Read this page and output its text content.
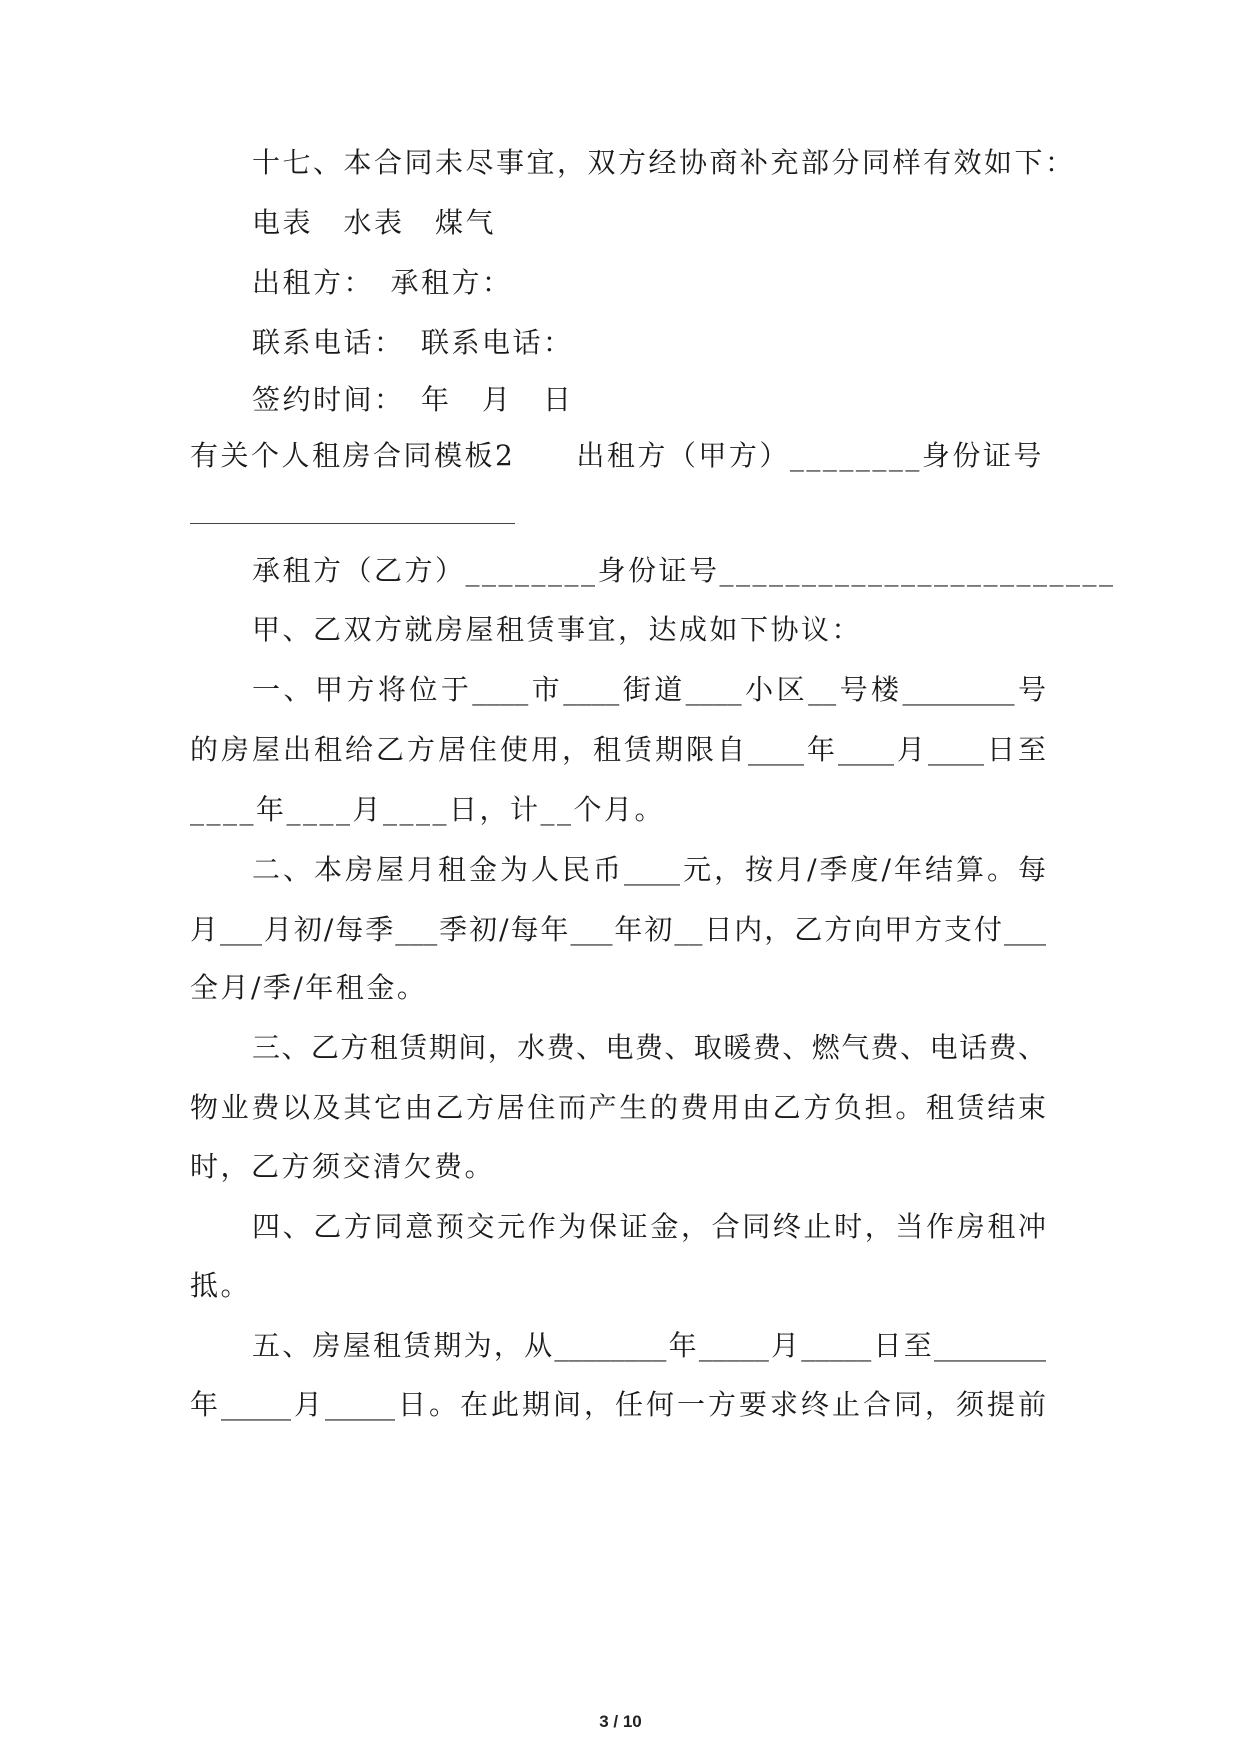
十七、本合同未尽事宜，双方经协商补充部分同样有效如下：
电表　水表　煤气
出租方：　承租方：
联系电话：　联系电话：
签约时间：　年　月　日
有关个人租房合同模板2　　出租方（甲方）________身份证号
承租方（乙方）________身份证号________________________
甲、乙双方就房屋租赁事宜，达成如下协议：
一、甲方将位于____市____街道____小区__号楼________号
的房屋出租给乙方居住使用，租赁期限自____年____月____日至
____年____月____日，计__个月。
二、本房屋月租金为人民币____元，按月/季度/年结算。每
月___月初/每季___季初/每年___年初__日内，乙方向甲方支付___
全月/季/年租金。
三、乙方租赁期间，水费、电费、取暖费、燃气费、电话费、
物业费以及其它由乙方居住而产生的费用由乙方负担。租赁结束
时，乙方须交清欠费。
四、乙方同意预交元作为保证金，合同终止时，当作房租冲
抵。
五、房屋租赁期为，从________年_____月_____日至________
年_____月_____日。在此期间，任何一方要求终止合同，须提前
3 / 10
